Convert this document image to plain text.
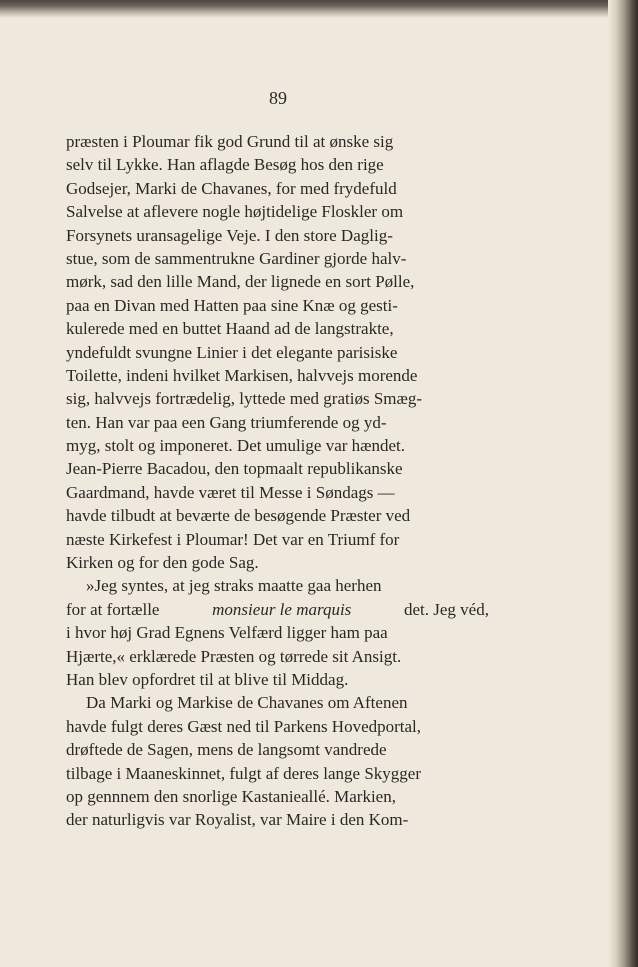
89
præsten i Ploumar fik god Grund til at ønske sig
selv til Lykke. Han aflagde Besøg hos den rige
Godsejer, Marki de Chavanes, for med frydefuld
Salvelse at aflevere nogle højtidelige Floskler om
Forsynets uransagelige Veje. I den store Daglig-
stue, som de sammentrukne Gardiner gjorde halv-
mørk, sad den lille Mand, der lignede en sort Pølle,
paa en Divan med Hatten paa sine Knæ og gesti-
kulerede med en buttet Haand ad de langstrakte,
yndefuldt svungne Linier i det elegante parisiske
Toilette, indeni hvilket Markisen, halvvejs morende
sig, halvvejs fortrædelig, lyttede med gratiøs Smæg-
ten. Han var paa een Gang triumferende og yd-
myg, stolt og imponeret. Det umulige var hændet.
Jean-Pierre Bacadou, den topmaalt republikanske
Gaardmand, havde været til Messe i Søndags —
havde tilbudt at beværte de besøgende Præster ved
næste Kirkefest i Ploumar! Det var en Triumf for
Kirken og for den gode Sag.
»Jeg syntes, at jeg straks maatte gaa herhen
for at fortælle	monsieur le marquis	det. Jeg véd,
i hvor høj Grad Egnens Velfærd ligger ham paa
Hjærte,« erklærede Præsten og tørrede sit Ansigt.
Han blev opfordret til at blive til Middag.
Da Marki og Markise de Chavanes om Aftenen
havde fulgt deres Gæst ned til Parkens Hovedportal,
drøftede de Sagen, mens de langsomt vandrede
tilbage i Maaneskinnet, fulgt af deres lange Skygger
op gennnem den snorlige Kastanieallé. Markien,
der naturligvis var Royalist, var Maire i den Kom-
